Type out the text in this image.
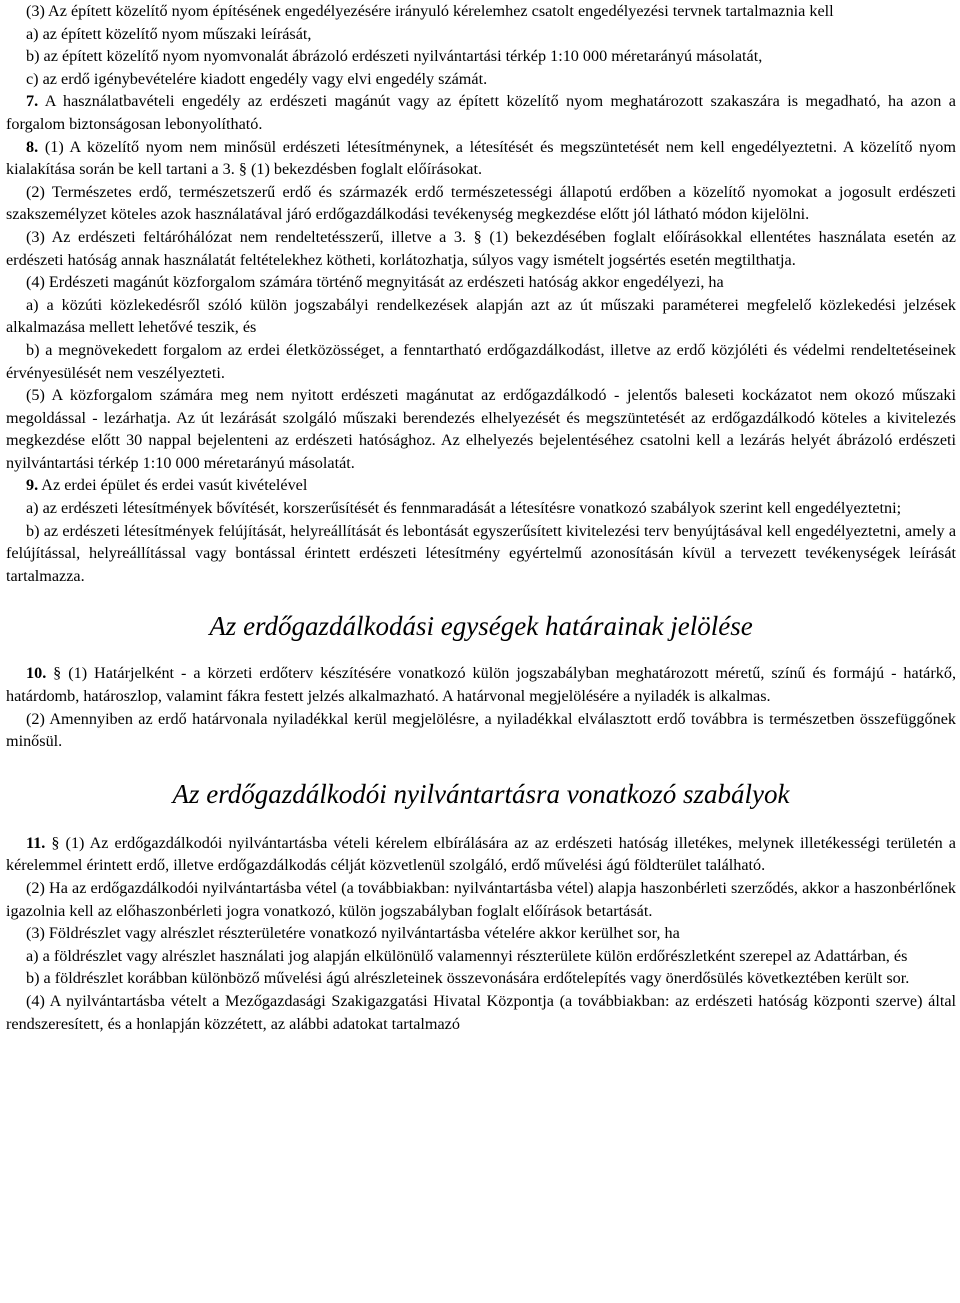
(3) Az épített közelítő nyom építésének engedélyezésére irányuló kérelemhez csatolt engedélyezési tervnek tartalmaznia kell

a) az épített közelítő nyom műszaki leírását,

b) az épített közelítő nyom nyomvonalát ábrázoló erdészeti nyilvántartási térkép 1:10 000 méretarányú másolatát,

c) az erdő igénybevételére kiadott engedély vagy elvi engedély számát.

7. A használatbavételi engedély az erdészeti magánút vagy az épített közelítő nyom meghatározott szakaszára is megadható, ha azon a forgalom biztonságosan lebonyolítható.

8. (1) A közelítő nyom nem minősül erdészeti létesítménynek, a létesítését és megszüntetését nem kell engedélyeztetni. A közelítő nyom kialakítása során be kell tartani a 3. § (1) bekezdésben foglalt előírásokat.

(2) Természetes erdő, természetszerű erdő és származék erdő természetességi állapotú erdőben a közelítő nyomokat a jogosult erdészeti szakszemélyzet köteles azok használatával járó erdőgazdálkodási tevékenység megkezdése előtt jól látható módon kijelölni.

(3) Az erdészeti feltáróhálózat nem rendeltetésszerű, illetve a 3. § (1) bekezdésében foglalt előírásokkal ellentétes használata esetén az erdészeti hatóság annak használatát feltételekhez kötheti, korlátozhatja, súlyos vagy ismételt jogsértés esetén megtilthatja.

(4) Erdészeti magánút közforgalom számára történő megnyitását az erdészeti hatóság akkor engedélyezi, ha

a) a közúti közlekedésről szóló külön jogszabályi rendelkezések alapján azt az út műszaki paraméterei megfelelő közlekedési jelzések alkalmazása mellett lehetővé teszik, és

b) a megnövekedett forgalom az erdei életközösséget, a fenntartható erdőgazdálkodást, illetve az erdő közjóléti és védelmi rendeltetéseinek érvényesülését nem veszélyezteti.

(5) A közforgalom számára meg nem nyitott erdészeti magánutat az erdőgazdálkodó - jelentős baleseti kockázatot nem okozó műszaki megoldással - lezárhatja. Az út lezárását szolgáló műszaki berendezés elhelyezését és megszüntetését az erdőgazdálkodó köteles a kivitelezés megkezdése előtt 30 nappal bejelenteni az erdészeti hatósághoz. Az elhelyezés bejelentéséhez csatolni kell a lezárás helyét ábrázoló erdészeti nyilvántartási térkép 1:10 000 méretarányú másolatát.

9. Az erdei épület és erdei vasút kivételével

a) az erdészeti létesítmények bővítését, korszerűsítését és fennmaradását a létesítésre vonatkozó szabályok szerint kell engedélyeztetni;

b) az erdészeti létesítmények felújítását, helyreállítását és lebontását egyszerűsített kivitelezési terv benyújtásával kell engedélyeztetni, amely a felújítással, helyreállítással vagy bontással érintett erdészeti létesítmény egyértelmű azonosításán kívül a tervezett tevékenységek leírását tartalmazza.

Az erdőgazdálkodási egységek határainak jelölése

10. § (1) Határjelként - a körzeti erdőterv készítésére vonatkozó külön jogszabályban meghatározott méretű, színű és formájú - határkő, határdomb, határoszlop, valamint fákra festett jelzés alkalmazható. A határvonal megjelölésére a nyiladék is alkalmas.

(2) Amennyiben az erdő határvonala nyiladékkal kerül megjelölésre, a nyiladékkal elválasztott erdő továbbra is természetben összefüggőnek minősül.

Az erdőgazdálkodói nyilvántartásra vonatkozó szabályok

11. § (1) Az erdőgazdálkodói nyilvántartásba vételi kérelem elbírálására az az erdészeti hatóság illetékes, melynek illetékességi területén a kérelemmel érintett erdő, illetve erdőgazdálkodás célját közvetlenül szolgáló, erdő művelési ágú földterület található.

(2) Ha az erdőgazdálkodói nyilvántartásba vétel (a továbbiakban: nyilvántartásba vétel) alapja haszonbérleti szerződés, akkor a haszonbérlőnek igazolnia kell az előhaszonbérleti jogra vonatkozó, külön jogszabályban foglalt előírások betartását.

(3) Földrészlet vagy alrészlet részterületére vonatkozó nyilvántartásba vételére akkor kerülhet sor, ha

a) a földrészlet vagy alrészlet használati jog alapján elkülönülő valamennyi részterülete külön erdőrészletként szerepel az Adattárban, és

b) a földrészlet korábban különböző művelési ágú alrészleteinek összevonására erdőtelepítés vagy önerdősülés következtében került sor.

(4) A nyilvántartásba vételt a Mezőgazdasági Szakigazgatási Hivatal Központja (a továbbiakban: az erdészeti hatóság központi szerve) által rendszeresített, és a honlapján közzétett, az alábbi adatokat tartalmazó
